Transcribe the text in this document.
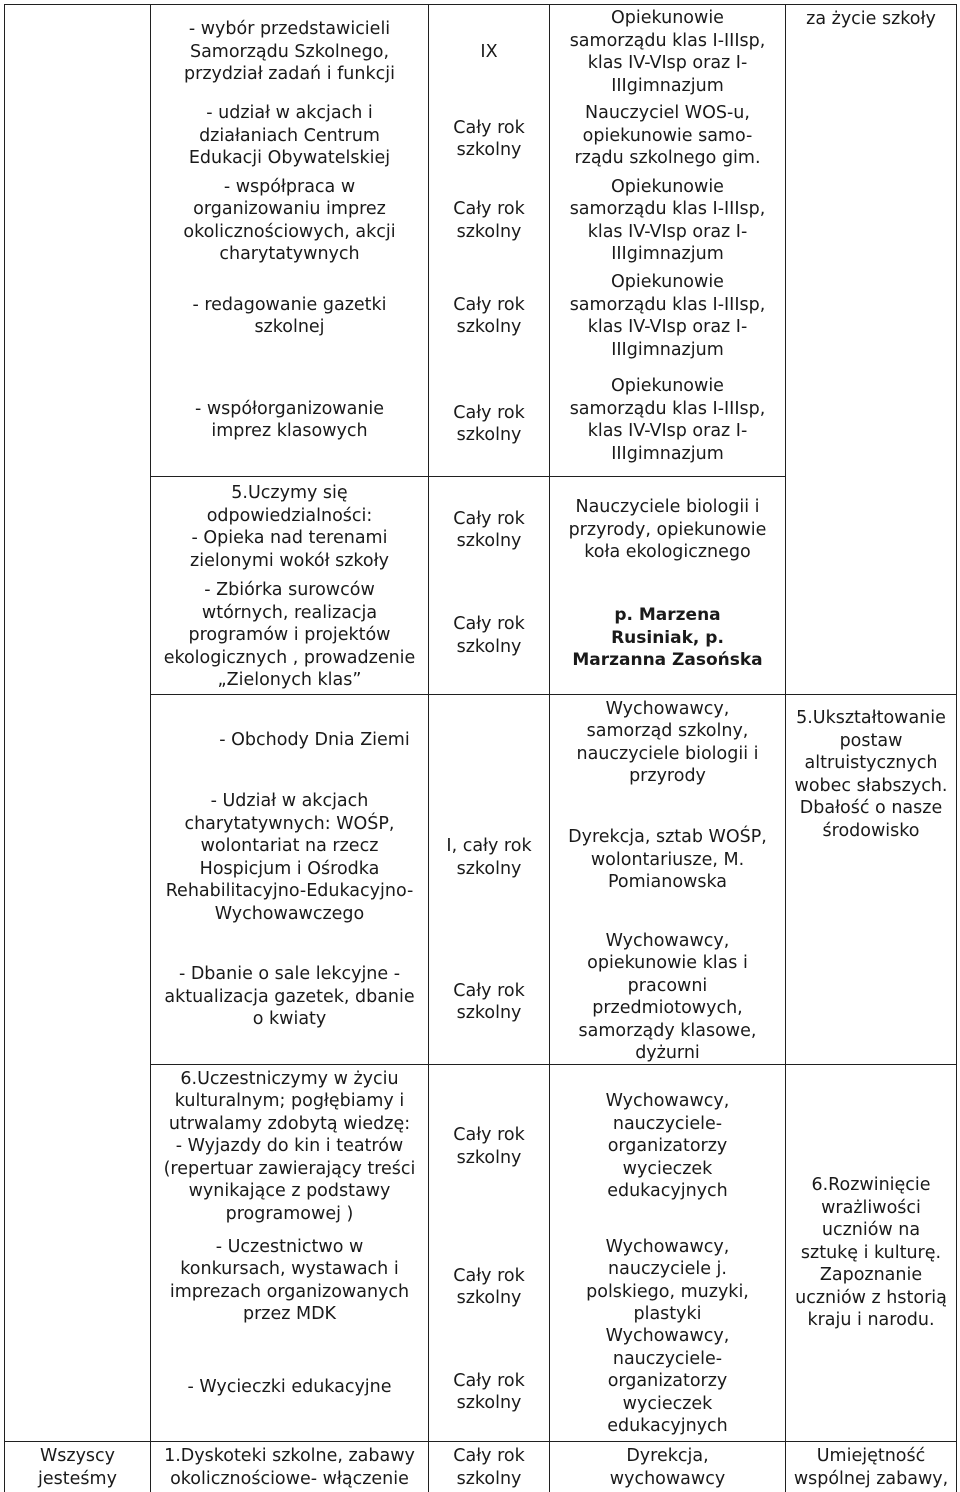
- wybór przedstawicieli
Samorządu Szkolnego,
przydział zadań i funkcji
- udział w akcjach i
działaniach Centrum
Edukacji Obywatelskiej
- współpraca w
organizowaniu imprez
okolicznościowych, akcji
charytatywnych
- redagowanie gazetki
szkolnej
- współorganizowanie
imprez klasowych
5.Uczymy się
odpowiedzialności:
- Opieka nad terenami
zielonymi wokół szkoły
- Zbiórka surowców
wtórnych, realizacja
programów i projektów
ekologicznych , prowadzenie
„Zielonych klas”
- Obchody Dnia Ziemi
- Udział w akcjach
charytatywnych: WOŚP,
wolontariat na rzecz
Hospicjum i Ośrodka
Rehabilitacyjno-Edukacyjno-
Wychowawczego
- Dbanie o sale lekcyjne -
aktualizacja gazetek, dbanie
o kwiaty
6.Uczestniczymy w życiu
kulturalnym; pogłębiamy i
utrwalamy zdobytą wiedzę:
- Wyjazdy do kin i teatrów
(repertuar zawierający treści
wynikające z podstawy
programowej )
- Uczestnictwo w
konkursach, wystawach i
imprezach organizowanych
przez MDK
- Wycieczki edukacyjne
1.Dyskoteki szkolne, zabawy
okolicznościowe- włączenie
IX
Cały rok
szkolny
Cały rok
szkolny
Cały rok
szkolny
Cały rok
szkolny
Cały rok
szkolny
Cały rok
szkolny
I, cały rok
szkolny
Cały rok
szkolny
Cały rok
szkolny
Cały rok
szkolny
Cały rok
szkolny
Cały rok
szkolny
Opiekunowie
samorządu klas I-IIIsp,
klas IV-VIsp oraz I-
IIIgimnazjum
Nauczyciel WOS-u,
opiekunowie samo-
rządu szkolnego gim.
Opiekunowie
samorządu klas I-IIIsp,
klas IV-VIsp oraz I-
IIIgimnazjum
Opiekunowie
samorządu klas I-IIIsp,
klas IV-VIsp oraz I-
IIIgimnazjum
Opiekunowie
samorządu klas I-IIIsp,
klas IV-VIsp oraz I-
IIIgimnazjum
Nauczyciele biologii i
przyrody, opiekunowie
koła ekologicznego
p. Marzena
Rusiniak, p.
Marzanna Zasońska
Wychowawcy,
samorząd szkolny,
nauczyciele biologii i
przyrody
Dyrekcja, sztab WOŚP,
wolontariusze, M.
Pomianowska
Wychowawcy,
opiekunowie klas i
pracowni
przedmiotowych,
samorządy klasowe,
dyżurni
Wychowawcy,
nauczyciele-
organizatorzy
wycieczek
edukacyjnych
Wychowawcy,
nauczyciele j.
polskiego, muzyki,
plastyki
Wychowawcy,
nauczyciele-
organizatorzy
wycieczek
edukacyjnych
Dyrekcja,
wychowawcy
za życie szkoły
5.Ukształtowanie
postaw
altruistycznych
wobec słabszych.
Dbałość o nasze
środowisko
6.Rozwinięcie
wrażliwości
uczniów na
sztukę i kulturę.
Zapoznanie
uczniów z hstorią
kraju i narodu.
Umiejętność
wspólnej zabawy,
Wszyscy
jesteśmy
